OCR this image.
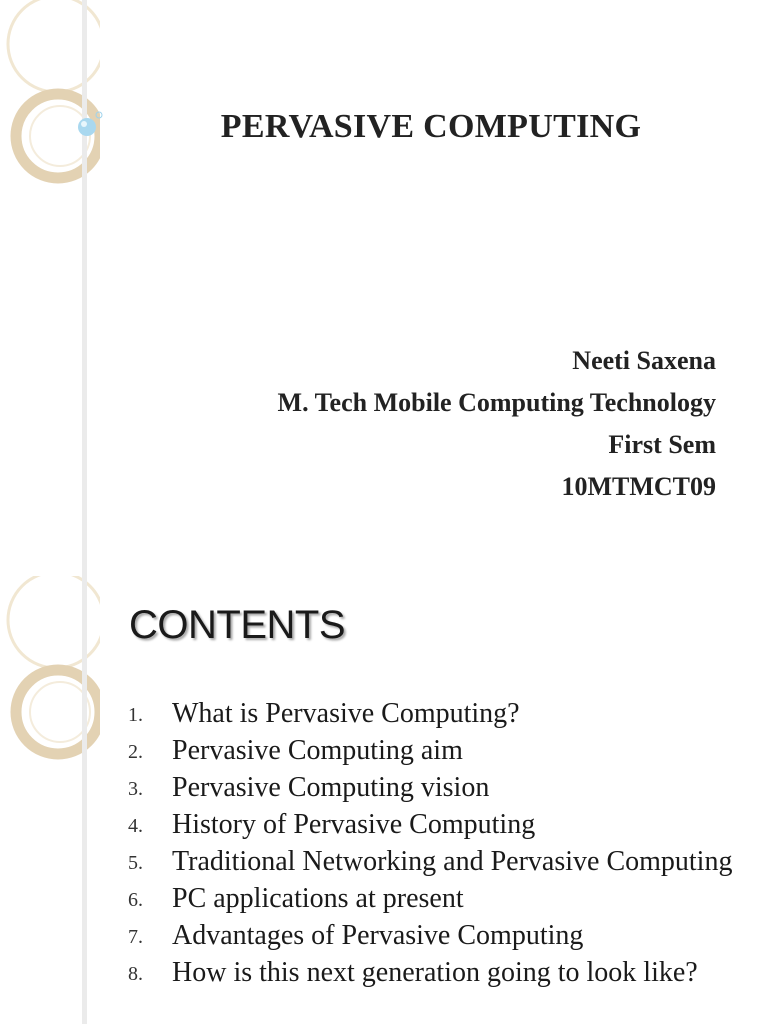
PERVASIVE COMPUTING
Neeti Saxena
M. Tech Mobile Computing Technology
First Sem
10MTMCT09
CONTENTS
1. What is Pervasive Computing?
2. Pervasive Computing aim
3. Pervasive Computing vision
4. History of Pervasive Computing
5. Traditional Networking and Pervasive Computing
6. PC applications at present
7. Advantages of Pervasive Computing
8. How is this next generation going to look like?
